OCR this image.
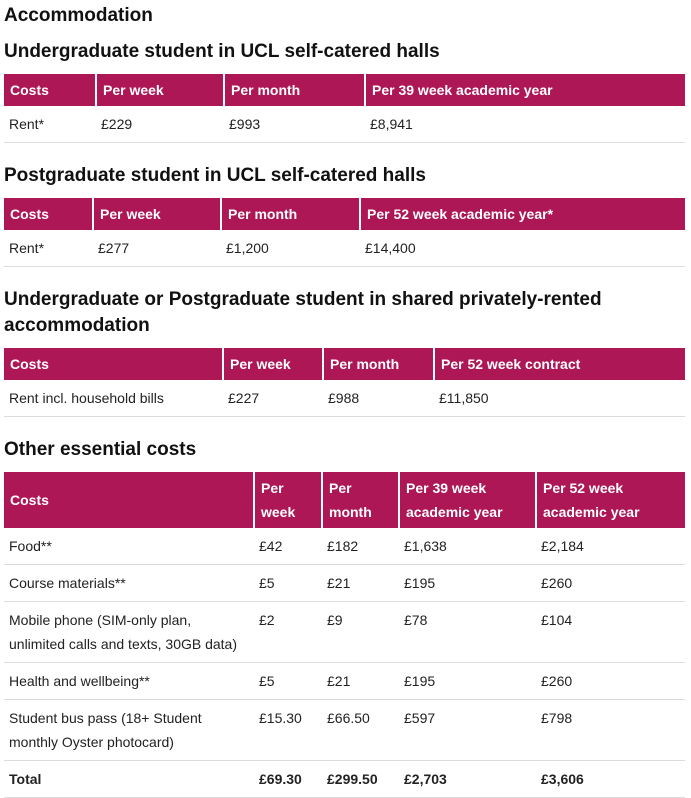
Accommodation
Undergraduate student in UCL self-catered halls
Costs	Per week	Per month	Per 39 week academic year
Rent*	£229	£993	£8,941
Postgraduate student in UCL self-catered halls
Costs	Per week	Per month	Per 52 week academic year*
Rent*	£277	£1,200	£14,400
Undergraduate or Postgraduate student in shared privately-rented accommodation
Costs	Per week	Per month	Per 52 week contract
Rent incl. household bills	£227	£988	£11,850
Other essential costs
Costs	Per week	Per month	Per 39 week academic year	Per 52 week academic year
Food**	£42	£182	£1,638	£2,184
Course materials**	£5	£21	£195	£260
Mobile phone (SIM-only plan, unlimited calls and texts, 30GB data)	£2	£9	£78	£104
Health and wellbeing**	£5	£21	£195	£260
Student bus pass (18+ Student monthly Oyster photocard)	£15.30	£66.50	£597	£798
Total	£69.30	£299.50	£2,703	£3,606
